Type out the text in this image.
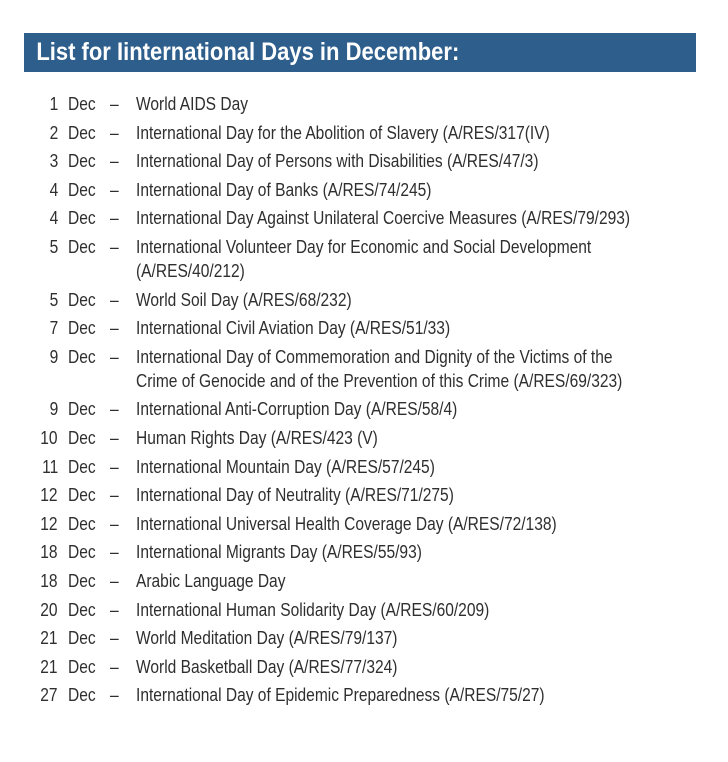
List for Iinternational Days in December:
1 Dec – World AIDS Day
2 Dec – International Day for the Abolition of Slavery (A/RES/317(IV)
3 Dec – International Day of Persons with Disabilities (A/RES/47/3)
4 Dec – International Day of Banks (A/RES/74/245)
4 Dec – International Day Against Unilateral Coercive Measures (A/RES/79/293)
5 Dec – International Volunteer Day for Economic and Social Development
(A/RES/40/212)
5 Dec – World Soil Day (A/RES/68/232)
7 Dec – International Civil Aviation Day (A/RES/51/33)
9 Dec – International Day of Commemoration and Dignity of the Victims of the
Crime of Genocide and of the Prevention of this Crime (A/RES/69/323)
9 Dec – International Anti-Corruption Day (A/RES/58/4)
10 Dec – Human Rights Day (A/RES/423 (V)
11 Dec – International Mountain Day (A/RES/57/245)
12 Dec – International Day of Neutrality (A/RES/71/275)
12 Dec – International Universal Health Coverage Day (A/RES/72/138)
18 Dec – International Migrants Day (A/RES/55/93)
18 Dec – Arabic Language Day
20 Dec – International Human Solidarity Day (A/RES/60/209)
21 Dec – World Meditation Day (A/RES/79/137)
21 Dec – World Basketball Day (A/RES/77/324)
27 Dec – International Day of Epidemic Preparedness (A/RES/75/27)
